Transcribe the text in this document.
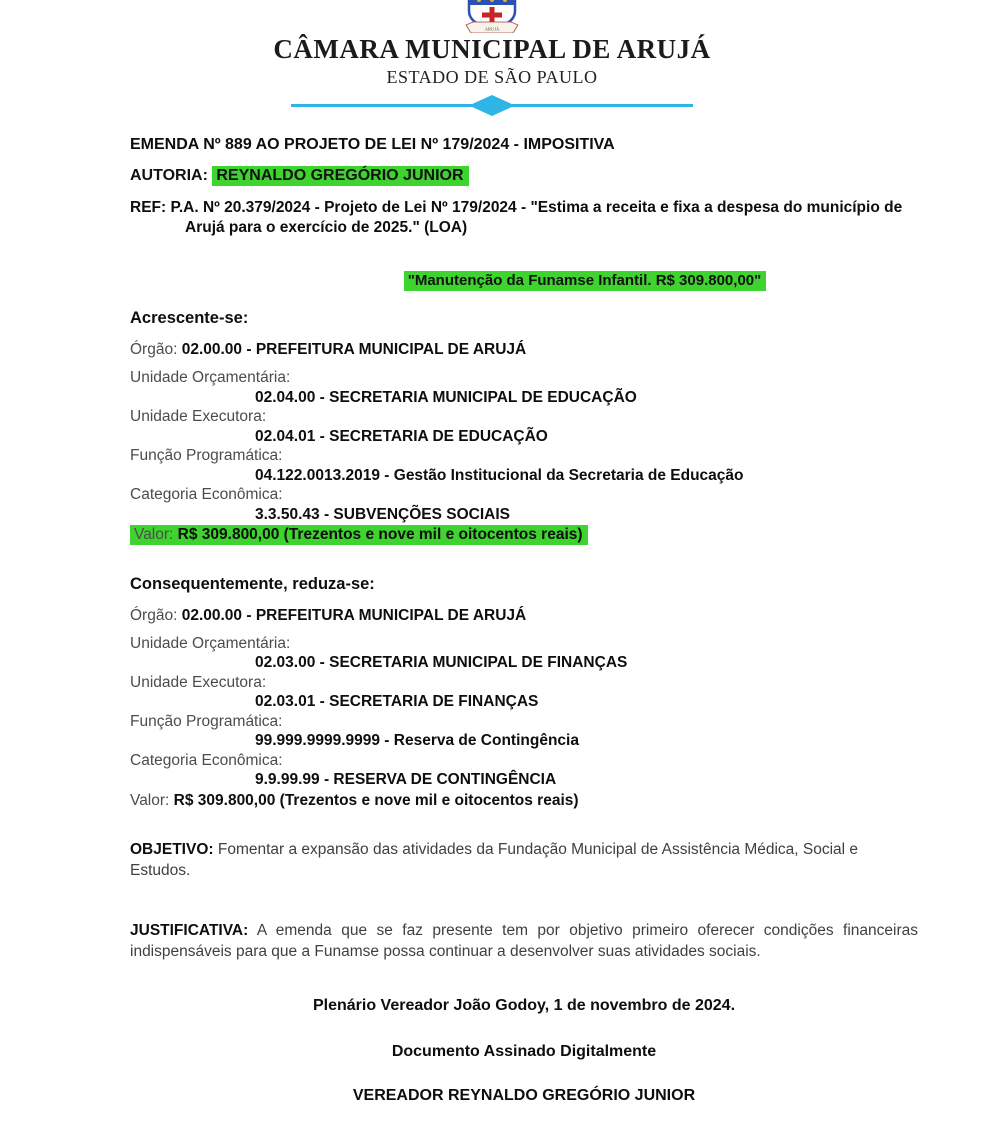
ARUJÁ
CÂMARA MUNICIPAL DE ARUJÁ
ESTADO DE SÃO PAULO

EMENDA Nº 889 AO PROJETO DE LEI Nº 179/2024 - IMPOSITIVA

AUTORIA: REYNALDO GREGÓRIO JUNIOR

REF: P.A. Nº 20.379/2024 - Projeto de Lei Nº 179/2024 - "Estima a receita e fixa a despesa do município de Arujá para o exercício de 2025." (LOA)

"Manutenção da Funamse Infantil. R$ 309.800,00"

Acrescente-se:

Órgão: 02.00.00 - PREFEITURA MUNICIPAL DE ARUJÁ

Unidade Orçamentária:
02.04.00 - SECRETARIA MUNICIPAL DE EDUCAÇÃO
Unidade Executora:
02.04.01 - SECRETARIA DE EDUCAÇÃO
Função Programática:
04.122.0013.2019 - Gestão Institucional da Secretaria de Educação
Categoria Econômica:
3.3.50.43 - SUBVENÇÕES SOCIAIS
Valor: R$ 309.800,00 (Trezentos e nove mil e oitocentos reais)

Consequentemente, reduza-se:

Órgão: 02.00.00 - PREFEITURA MUNICIPAL DE ARUJÁ

Unidade Orçamentária:
02.03.00 - SECRETARIA MUNICIPAL DE FINANÇAS
Unidade Executora:
02.03.01 - SECRETARIA DE FINANÇAS
Função Programática:
99.999.9999.9999 - Reserva de Contingência
Categoria Econômica:
9.9.99.99 - RESERVA DE CONTINGÊNCIA
Valor: R$ 309.800,00 (Trezentos e nove mil e oitocentos reais)

OBJETIVO: Fomentar a expansão das atividades da Fundação Municipal de Assistência Médica, Social e Estudos.

JUSTIFICATIVA: A emenda que se faz presente tem por objetivo primeiro oferecer condições financeiras indispensáveis para que a Funamse possa continuar a desenvolver suas atividades sociais.

Plenário Vereador João Godoy, 1 de novembro de 2024.
Documento Assinado Digitalmente
VEREADOR REYNALDO GREGÓRIO JUNIOR
